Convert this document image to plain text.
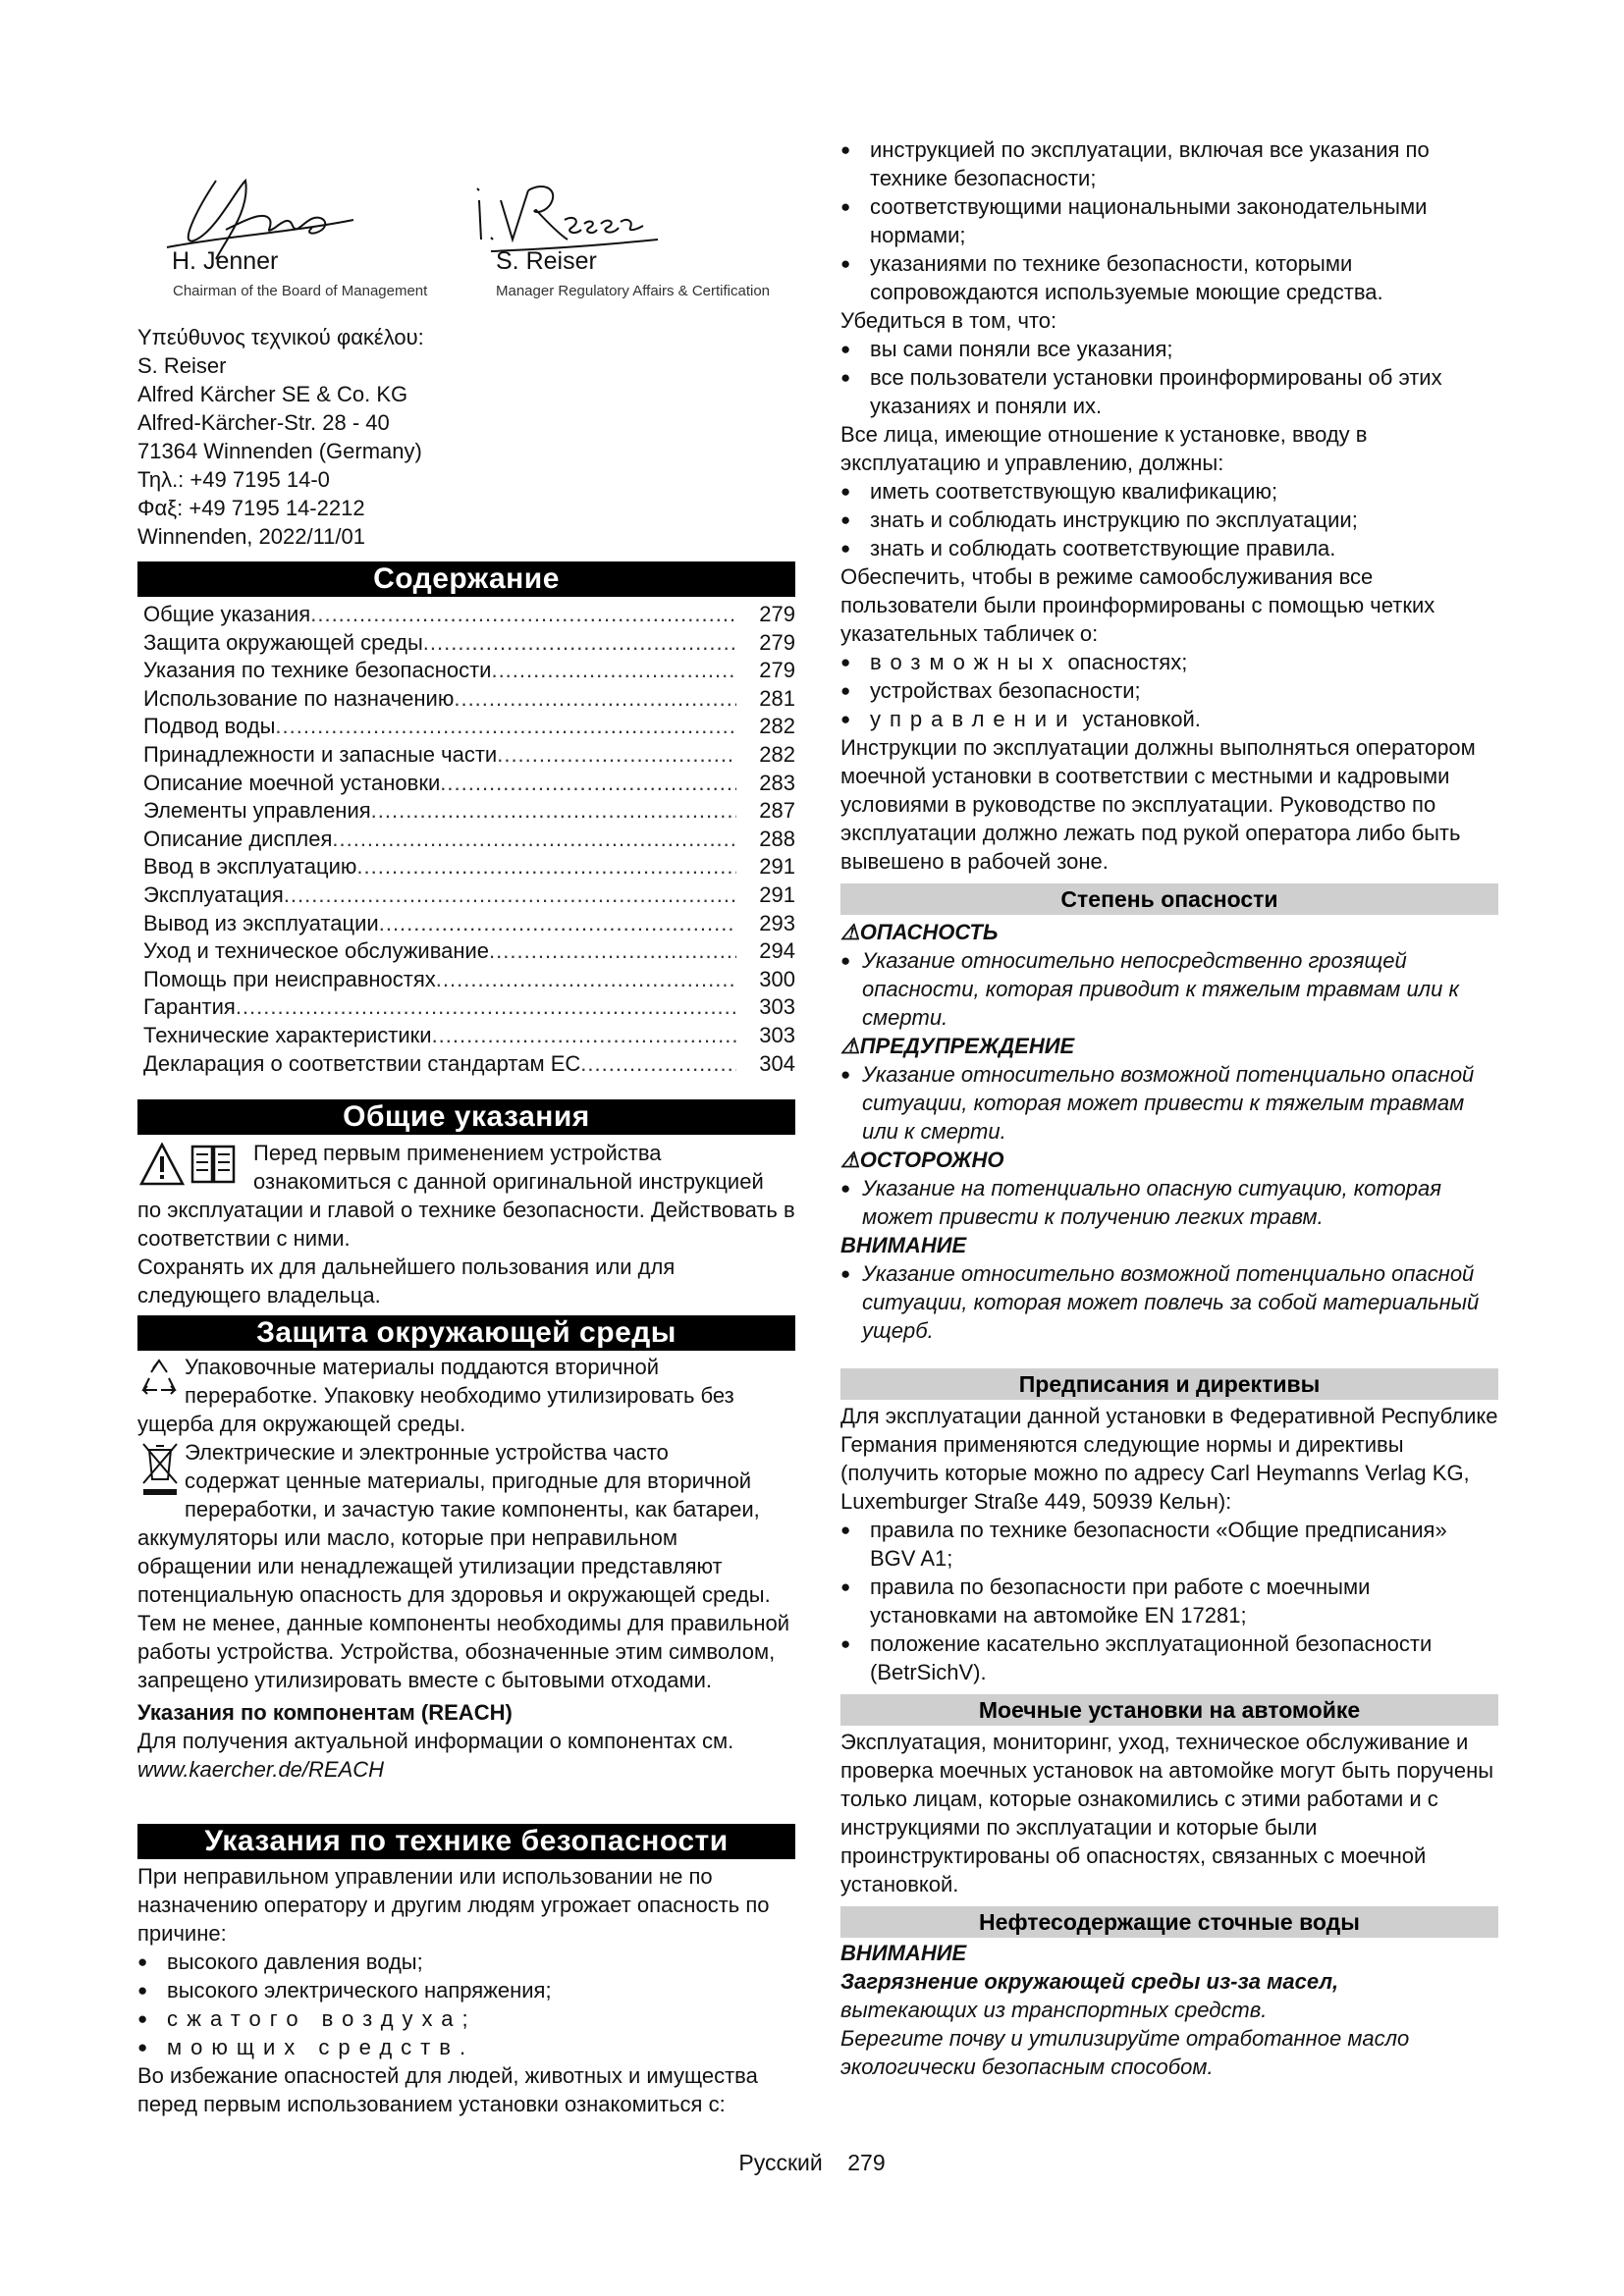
H. Jenner
Chairman of the Board of Management
S. Reiser
Manager Regulatory Affairs & Certification

Υπεύθυνος τεχνικού φακέλου:

S. Reiser

Alfred Kärcher SE & Co. KG

Alfred-Kärcher-Str. 28 - 40

71364 Winnenden (Germany)

Τηλ.: +49 7195 14-0

Φαξ: +49 7195 14-2212

Winnenden, 2022/11/01

Содержание
Общие указания .....	279
Защита окружающей среды .....	279
Указания по технике безопасности .....	279
Использование по назначению .....	281
Подвод воды .....	282
Принадлежности и запасные части .....	282
Описание моечной установки .....	283
Элементы управления .....	287
Описание дисплея .....	288
Ввод в эксплуатацию .....	291
Эксплуатация .....	291
Вывод из эксплуатации .....	293
Уход и техническое обслуживание .....	294
Помощь при неисправностях .....	300
Гарантия .....	303
Технические характеристики .....	303
Декларация о соответствии стандартам ЕС .....	304
Общие указания

Перед первым применением устройства

ознакомиться с данной оригинальной инструкцией

по эксплуатации и главой о технике безопасности. Действовать в соответствии с ними.

Сохранять их для дальнейшего пользования или для следующего владельца.

Защита окружающей среды

Упаковочные материалы поддаются вторичной

переработке. Упаковку необходимо утилизировать без

ущерба для окружающей среды.

Электрические и электронные устройства часто

содержат ценные материалы, пригодные для вторичной

переработки, и зачастую такие компоненты, как батареи,

аккумуляторы или масло, которые при неправильном обращении или ненадлежащей утилизации представляют потенциальную опасность для здоровья и окружающей среды. Тем не менее, данные компоненты необходимы для правильной работы устройства. Устройства, обозначенные этим символом, запрещено утилизировать вместе с бытовыми отходами.

Указания по компонентам (REACH)

Для получения актуальной информации о компонентах см.

www.kaercher.de/REACH

Указания по технике безопасности

При неправильном управлении или использовании не по назначению оператору и другим людям угрожает опасность по причине:

● высокого давления воды;
● высокого электрического напряжения;
● сжатого воздуха;
● моющих средств.

Во избежание опасностей для людей, животных и имущества перед первым использованием установки ознакомиться с:

● инструкцией по эксплуатации, включая все указания по технике безопасности;
● соответствующими национальными законодательными нормами;
● указаниями по технике безопасности, которыми сопровождаются используемые моющие средства.

Убедиться в том, что:

● вы сами поняли все указания;
● все пользователи установки проинформированы об этих указаниях и поняли их.

Все лица, имеющие отношение к установке, вводу в эксплуатацию и управлению, должны:

● иметь соответствующую квалификацию;
● знать и соблюдать инструкцию по эксплуатации;
● знать и соблюдать соответствующие правила.

Обеспечить, чтобы в режиме самообслуживания все пользователи были проинформированы с помощью четких указательных табличек о:

● возможных опасностях;
● устройствах безопасности;
● управлении установкой.

Инструкции по эксплуатации должны выполняться оператором моечной установки в соответствии с местными и кадровыми условиями в руководстве по эксплуатации. Руководство по эксплуатации должно лежать под рукой оператора либо быть вывешено в рабочей зоне.

Степень опасности

⚠ОПАСНОСТЬ

● Указание относительно непосредственно грозящей опасности, которая приводит к тяжелым травмам или к смерти.

⚠ПРЕДУПРЕЖДЕНИЕ

● Указание относительно возможной потенциально опасной ситуации, которая может привести к тяжелым травмам или к смерти.

⚠ОСТОРОЖНО

● Указание на потенциально опасную ситуацию, которая может привести к получению легких травм.

ВНИМАНИЕ

● Указание относительно возможной потенциально опасной ситуации, которая может повлечь за собой материальный ущерб.
Предписания и директивы

Для эксплуатации данной установки в Федеративной Республике Германия применяются следующие нормы и директивы (получить которые можно по адресу Carl Heymanns Verlag KG, Luxemburger Straße 449, 50939 Кельн):

● правила по технике безопасности «Общие предписания» BGV A1;
● правила по безопасности при работе с моечными установками на автомойке EN 17281;
● положение касательно эксплуатационной безопасности (BetrSichV).
Моечные установки на автомойке

Эксплуатация, мониторинг, уход, техническое обслуживание и проверка моечных установок на автомойке могут быть поручены только лицам, которые ознакомились с этими работами и с инструкциями по эксплуатации и которые были проинструктированы об опасностях, связанных с моечной установкой.

Нефтесодержащие сточные воды

ВНИМАНИЕ

Загрязнение окружающей среды из-за масел,

вытекающих из транспортных средств.

Берегите почву и утилизируйте отработанное масло экологически безопасным способом.

Русский 279
